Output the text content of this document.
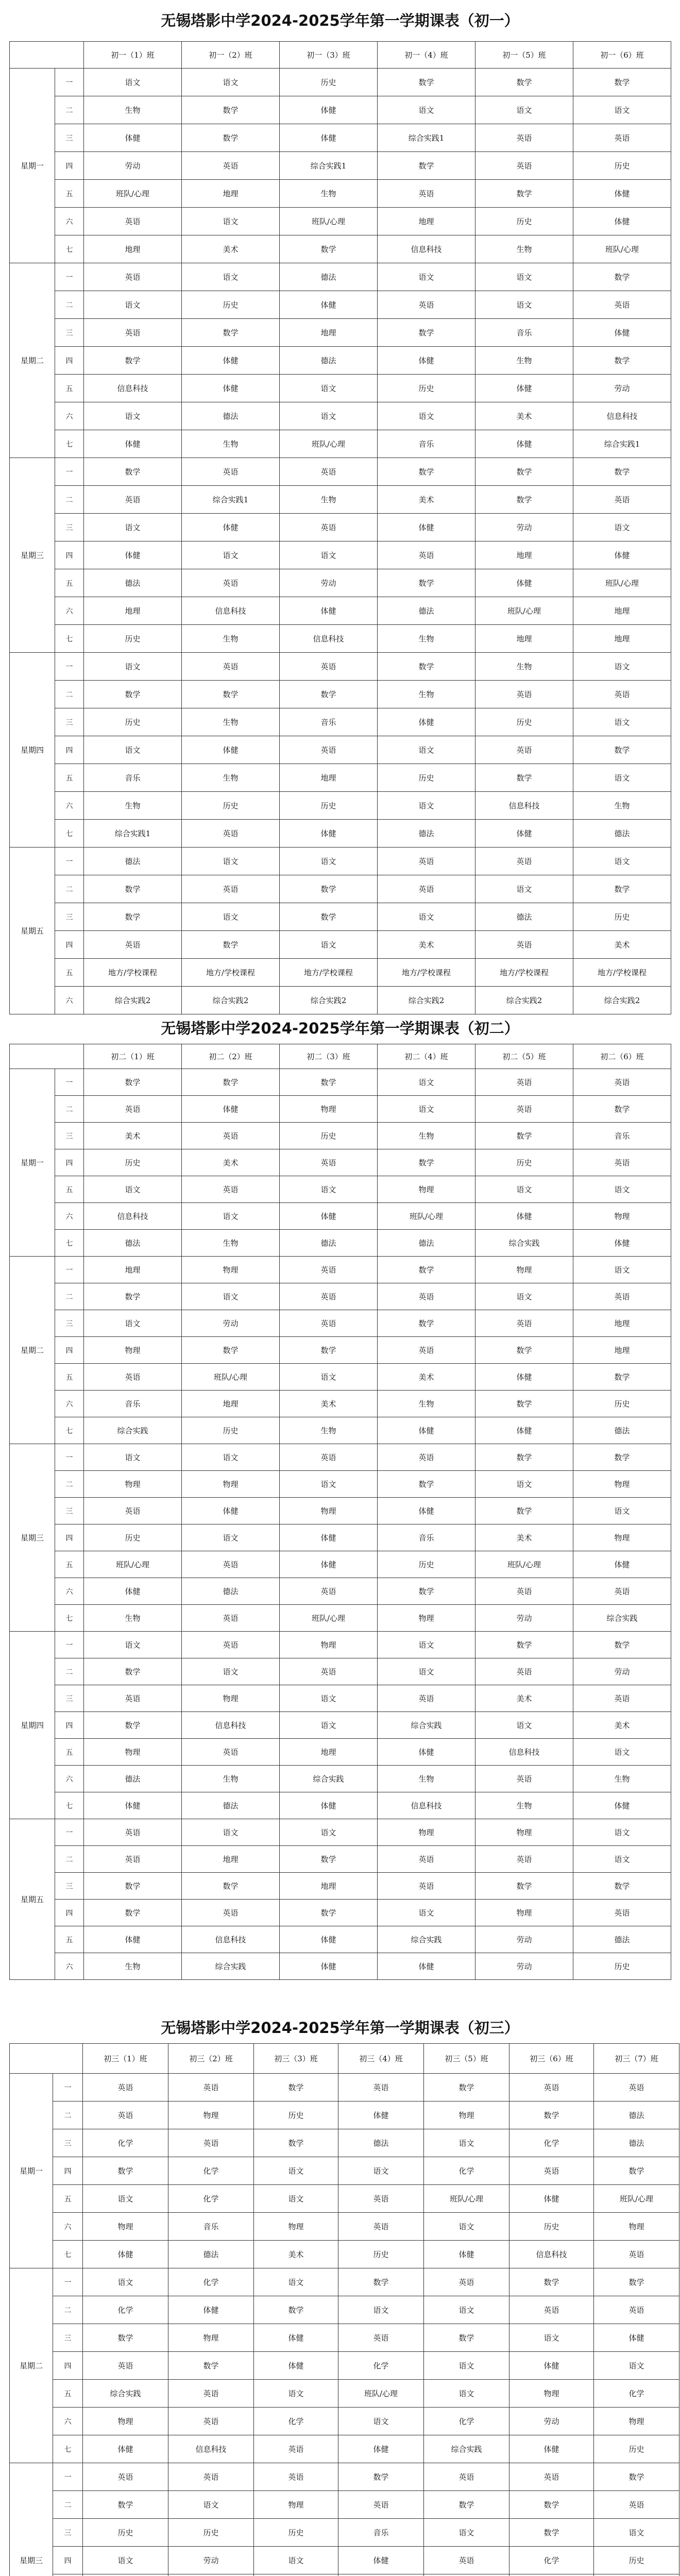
无锡塔影中学2024-2025学年第一学期课表（初一）
		初一（1）班	初一（2）班	初一（3）班	初一（4）班	初一（5）班	初一（6）班
星期一	一	语文	语文	历史	数学	数学	数学
	二	生物	数学	体健	语文	语文	语文
	三	体健	数学	体健	综合实践1	英语	英语
	四	劳动	英语	综合实践1	数学	英语	历史
	五	班队/心理	地理	生物	英语	数学	体健
	六	英语	语文	班队/心理	地理	历史	体健
	七	地理	美术	数学	信息科技	生物	班队/心理
星期二	一	英语	语文	德法	语文	语文	数学
	二	语文	历史	体健	英语	语文	英语
	三	英语	数学	地理	数学	音乐	体健
	四	数学	体健	德法	体健	生物	数学
	五	信息科技	体健	语文	历史	体健	劳动
	六	语文	德法	语文	语文	美术	信息科技
	七	体健	生物	班队/心理	音乐	体健	综合实践1
星期三	一	数学	英语	英语	数学	数学	数学
	二	英语	综合实践1	生物	美术	数学	英语
	三	语文	体健	英语	体健	劳动	语文
	四	体健	语文	语文	英语	地理	体健
	五	德法	英语	劳动	数学	体健	班队/心理
	六	地理	信息科技	体健	德法	班队/心理	地理
	七	历史	生物	信息科技	生物	地理	地理
星期四	一	语文	英语	英语	数学	生物	语文
	二	数学	数学	数学	生物	英语	英语
	三	历史	生物	音乐	体健	历史	语文
	四	语文	体健	英语	语文	英语	数学
	五	音乐	生物	地理	历史	数学	语文
	六	生物	历史	历史	语文	信息科技	生物
	七	综合实践1	英语	体健	德法	体健	德法
星期五	一	德法	语文	语文	英语	英语	语文
	二	数学	英语	数学	英语	语文	数学
	三	数学	语文	数学	语文	德法	历史
	四	英语	数学	语文	美术	英语	美术
	五	地方/学校课程	地方/学校课程	地方/学校课程	地方/学校课程	地方/学校课程	地方/学校课程
	六	综合实践2	综合实践2	综合实践2	综合实践2	综合实践2	综合实践2
无锡塔影中学2024-2025学年第一学期课表（初二）
		初二（1）班	初二（2）班	初二（3）班	初二（4）班	初二（5）班	初二（6）班
星期一	一	数学	数学	数学	语文	英语	英语
	二	英语	体健	物理	语文	英语	数学
	三	美术	英语	历史	生物	数学	音乐
	四	历史	美术	英语	数学	历史	英语
	五	语文	英语	语文	物理	语文	语文
	六	信息科技	语文	体健	班队/心理	体健	物理
	七	德法	生物	德法	德法	综合实践	体健
星期二	一	地理	物理	英语	数学	物理	语文
	二	数学	语文	英语	英语	语文	英语
	三	语文	劳动	英语	数学	英语	地理
	四	物理	数学	数学	英语	数学	地理
	五	英语	班队/心理	语文	美术	体健	数学
	六	音乐	地理	美术	生物	数学	历史
	七	综合实践	历史	生物	体健	体健	德法
星期三	一	语文	语文	英语	英语	数学	数学
	二	物理	物理	语文	数学	语文	物理
	三	英语	体健	物理	体健	数学	语文
	四	历史	语文	体健	音乐	美术	物理
	五	班队/心理	英语	体健	历史	班队/心理	体健
	六	体健	德法	英语	数学	英语	英语
	七	生物	英语	班队/心理	物理	劳动	综合实践
星期四	一	语文	英语	物理	语文	数学	数学
	二	数学	语文	英语	语文	英语	劳动
	三	英语	物理	语文	英语	美术	英语
	四	数学	信息科技	语文	综合实践	语文	美术
	五	物理	英语	地理	体健	信息科技	语文
	六	德法	生物	综合实践	生物	英语	生物
	七	体健	德法	体健	信息科技	生物	体健
星期五	一	英语	语文	语文	物理	物理	语文
	二	英语	地理	数学	英语	英语	语文
	三	数学	数学	地理	英语	数学	数学
	四	数学	英语	数学	语文	物理	英语
	五	体健	信息科技	体健	综合实践	劳动	德法
	六	生物	综合实践	体健	体健	劳动	历史
无锡塔影中学2024-2025学年第一学期课表（初三）
		初三（1）班	初三（2）班	初三（3）班	初三（4）班	初三（5）班	初三（6）班	初三（7）班
星期一	一	英语	英语	数学	英语	数学	英语	英语
	二	英语	物理	历史	体健	物理	数学	德法
	三	化学	英语	数学	德法	语文	化学	德法
	四	数学	化学	语文	语文	化学	英语	数学
	五	语文	化学	语文	英语	班队/心理	体健	班队/心理
	六	物理	音乐	物理	英语	语文	历史	物理
	七	体健	德法	美术	历史	体健	信息科技	英语
星期二	一	语文	化学	语文	数学	英语	数学	数学
	二	化学	体健	数学	语文	语文	英语	英语
	三	数学	物理	体健	英语	数学	语文	体健
	四	英语	数学	体健	化学	语文	体健	语文
	五	综合实践	英语	语文	班队/心理	语文	物理	化学
	六	物理	英语	化学	语文	化学	劳动	物理
	七	体健	信息科技	英语	体健	综合实践	体健	历史
星期三	一	英语	英语	英语	数学	英语	英语	数学
	二	数学	语文	物理	英语	数学	数学	英语
	三	历史	历史	历史	音乐	语文	数学	语文
	四	语文	劳动	语文	体健	英语	化学	历史
